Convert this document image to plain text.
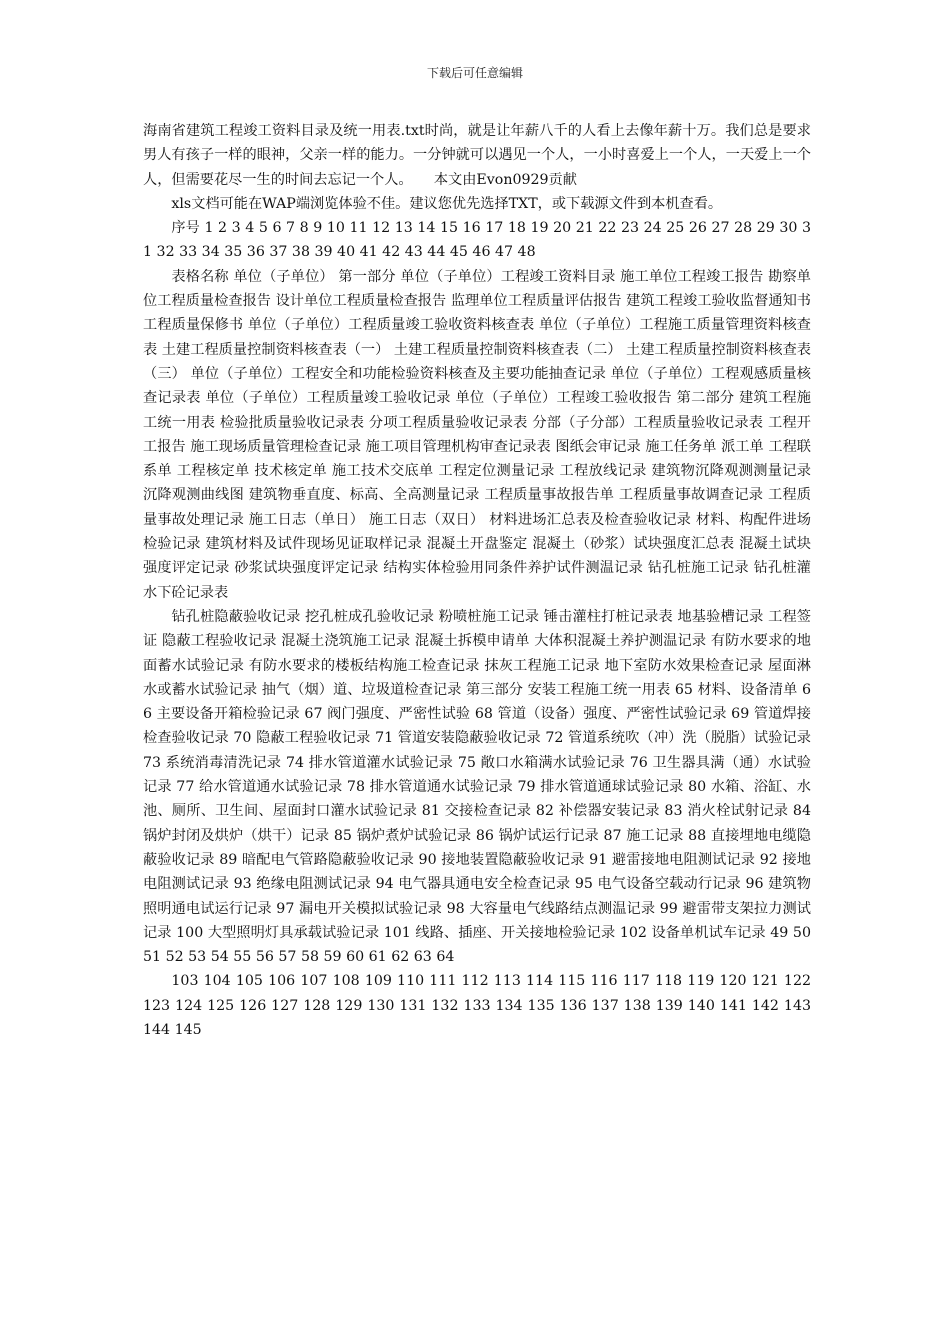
下载后可任意编辑

海南省建筑工程竣工资料目录及统一用表.txt时尚，就是让年薪八千的人看上去像年薪十万。我们总是要求男人有孩子一样的眼神，父亲一样的能力。一分钟就可以遇见一个人，一小时喜爱上一个人，一天爱上一个人，但需要花尽一生的时间去忘记一个人。　　本文由Evon0929贡献

xls文档可能在WAP端浏览体验不佳。建议您优先选择TXT，或下载源文件到本机查看。

序号 1 2 3 4 5 6 7 8 9 10 11 12 13 14 15 16 17 18 19 20 21 22 23 24 25 26 27 28 29 30 31 32 33 34 35 36 37 38 39 40 41 42 43 44 45 46 47 48

表格名称 单位（子单位） 第一部分 单位（子单位）工程竣工资料目录 施工单位工程竣工报告 勘察单位工程质量检查报告 设计单位工程质量检查报告 监理单位工程质量评估报告 建筑工程竣工验收监督通知书 工程质量保修书 单位（子单位）工程质量竣工验收资料核查表 单位（子单位）工程施工质量管理资料核查表 土建工程质量控制资料核查表（一） 土建工程质量控制资料核查表（二） 土建工程质量控制资料核查表（三） 单位（子单位）工程安全和功能检验资料核查及主要功能抽查记录 单位（子单位）工程观感质量核查记录表 单位（子单位）工程质量竣工验收记录 单位（子单位）工程竣工验收报告 第二部分 建筑工程施工统一用表 检验批质量验收记录表 分项工程质量验收记录表 分部（子分部）工程质量验收记录表 工程开工报告 施工现场质量管理检查记录 施工项目管理机构审查记录表 图纸会审记录 施工任务单 派工单 工程联系单 工程核定单 技术核定单 施工技术交底单 工程定位测量记录 工程放线记录 建筑物沉降观测测量记录 沉降观测曲线图 建筑物垂直度、标高、全高测量记录 工程质量事故报告单 工程质量事故调查记录 工程质量事故处理记录 施工日志（单日） 施工日志（双日） 材料进场汇总表及检查验收记录 材料、构配件进场检验记录 建筑材料及试件现场见证取样记录 混凝土开盘鉴定 混凝土（砂浆）试块强度汇总表 混凝土试块强度评定记录 砂浆试块强度评定记录 结构实体检验用同条件养护试件测温记录 钻孔桩施工记录 钻孔桩灌水下砼记录表

钻孔桩隐蔽验收记录 挖孔桩成孔验收记录 粉喷桩施工记录 锤击灌柱打桩记录表 地基验槽记录 工程签证 隐蔽工程验收记录 混凝土浇筑施工记录 混凝土拆模申请单 大体积混凝土养护测温记录 有防水要求的地面蓄水试验记录 有防水要求的楼板结构施工检查记录 抹灰工程施工记录 地下室防水效果检查记录 屋面淋水或蓄水试验记录 抽气（烟）道、垃圾道检查记录 第三部分 安装工程施工统一用表 65 材料、设备清单 66 主要设备开箱检验记录 67 阀门强度、严密性试验 68 管道（设备）强度、严密性试验记录 69 管道焊接检查验收记录 70 隐蔽工程验收记录 71 管道安装隐蔽验收记录 72 管道系统吹（冲）洗（脱脂）试验记录 73 系统消毒清洗记录 74 排水管道灌水试验记录 75 敞口水箱满水试验记录 76 卫生器具满（通）水试验记录 77 给水管道通水试验记录 78 排水管道通水试验记录 79 排水管道通球试验记录 80 水箱、浴缸、水池、厕所、卫生间、屋面封口灌水试验记录 81 交接检查记录 82 补偿器安装记录 83 消火栓试射记录 84 锅炉封闭及烘炉（烘干）记录 85 锅炉煮炉试验记录 86 锅炉试运行记录 87 施工记录 88 直接埋地电缆隐蔽验收记录 89 暗配电气管路隐蔽验收记录 90 接地装置隐蔽验收记录 91 避雷接地电阻测试记录 92 接地电阻测试记录 93 绝缘电阻测试记录 94 电气器具通电安全检查记录 95 电气设备空载动行记录 96 建筑物照明通电试运行记录 97 漏电开关模拟试验记录 98 大容量电气线路结点测温记录 99 避雷带支架拉力测试记录 100 大型照明灯具承载试验记录 101 线路、插座、开关接地检验记录 102 设备单机试车记录 49 50 51 52 53 54 55 56 57 58 59 60 61 62 63 64

103 104 105 106 107 108 109 110 111 112 113 114 115 116 117 118 119 120 121 122 123 124 125 126 127 128 129 130 131 132 133 134 135 136 137 138 139 140 141 142 143 144 145
